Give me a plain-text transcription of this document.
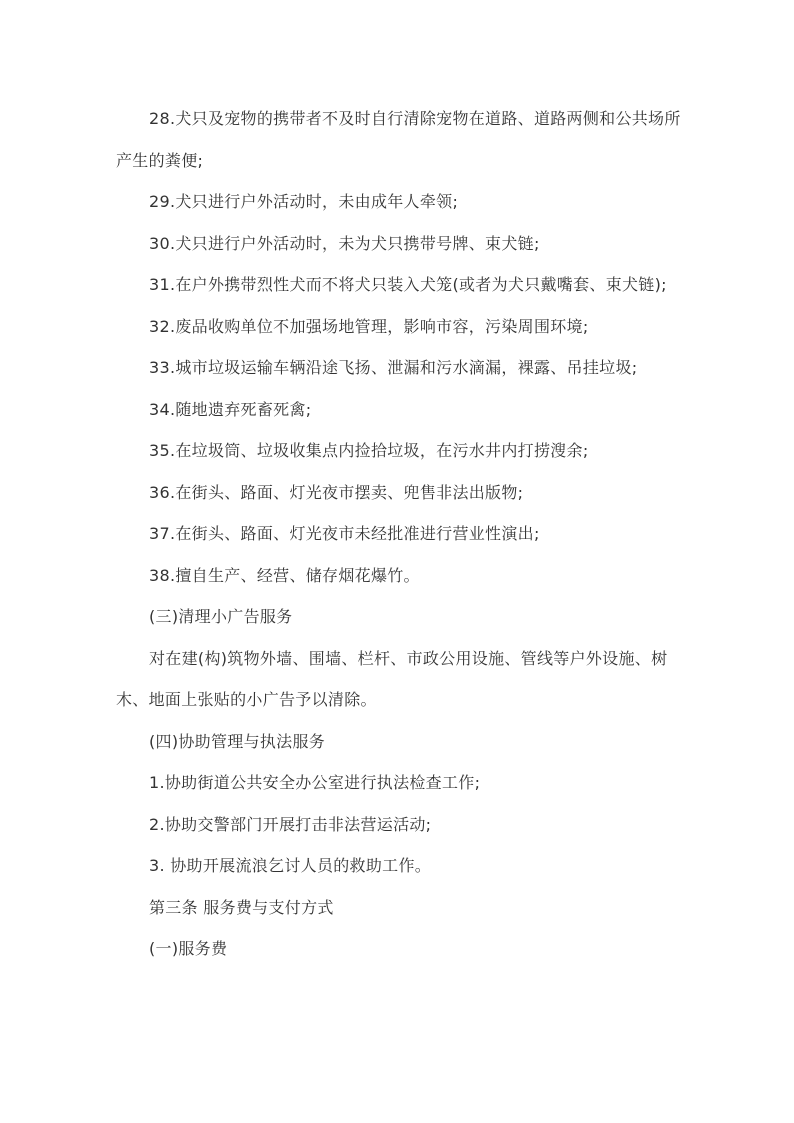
28.犬只及宠物的携带者不及时自行清除宠物在道路、道路两侧和公共场所产生的粪便;

29.犬只进行户外活动时，未由成年人牵领;

30.犬只进行户外活动时，未为犬只携带号牌、束犬链;

31.在户外携带烈性犬而不将犬只装入犬笼(或者为犬只戴嘴套、束犬链);

32.废品收购单位不加强场地管理，影响市容，污染周围环境;

33.城市垃圾运输车辆沿途飞扬、泄漏和污水滴漏，裸露、吊挂垃圾;

34.随地遗弃死畜死禽;

35.在垃圾筒、垃圾收集点内捡拾垃圾，在污水井内打捞溲余;

36.在街头、路面、灯光夜市摆卖、兜售非法出版物;

37.在街头、路面、灯光夜市未经批准进行营业性演出;

38.擅自生产、经营、储存烟花爆竹。

(三)清理小广告服务

对在建(构)筑物外墙、围墙、栏杆、市政公用设施、管线等户外设施、树木、地面上张贴的小广告予以清除。

(四)协助管理与执法服务

1.协助街道公共安全办公室进行执法检查工作;

2.协助交警部门开展打击非法营运活动;

3. 协助开展流浪乞讨人员的救助工作。

第三条 服务费与支付方式

(一)服务费
